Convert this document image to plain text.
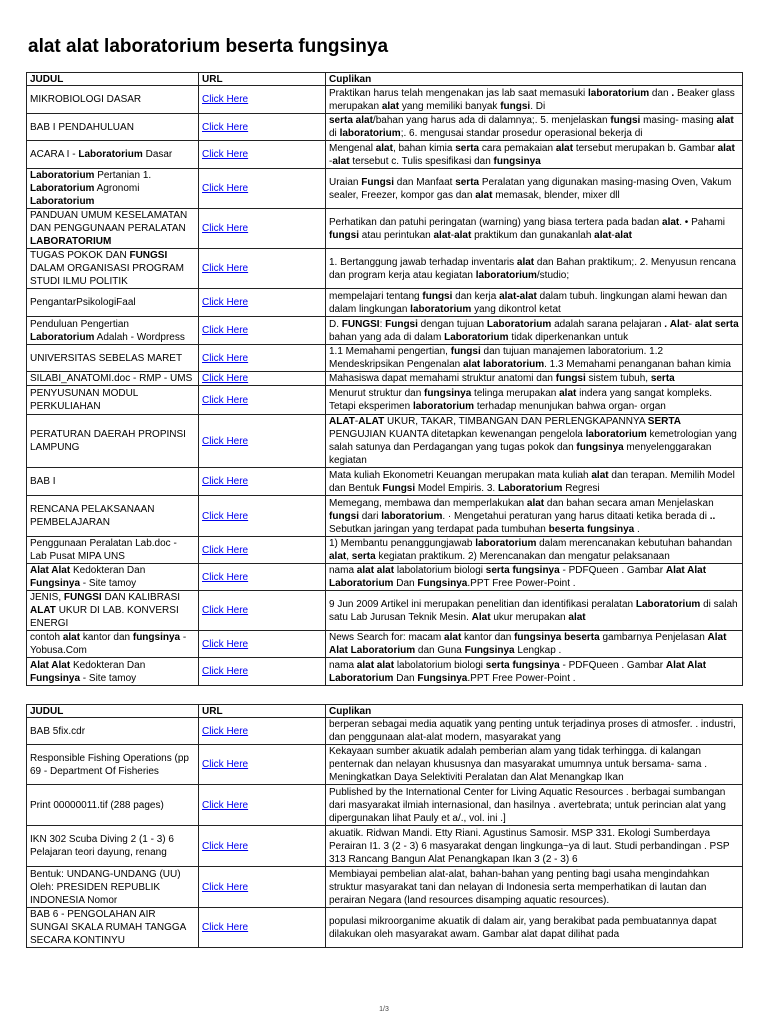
alat alat laboratorium beserta fungsinya
JUDUL	URL	Cuplikan
MIKROBIOLOGI DASAR	Click Here	Praktikan harus telah mengenakan jas lab saat memasuki laboratorium dan . Beaker glass merupakan alat yang memiliki banyak fungsi. Di
BAB I PENDAHULUAN	Click Here	serta alat/bahan yang harus ada di dalamnya;. 5. menjelaskan fungsi masing- masing alat di laboratorium;. 6. mengusai standar prosedur operasional bekerja di
ACARA I - Laboratorium Dasar	Click Here	Mengenal alat, bahan kimia serta cara pemakaian alat tersebut merupakan b. Gambar alat -alat tersebut c. Tulis spesifikasi dan fungsinya
Laboratorium Pertanian 1. Laboratorium Agronomi Laboratorium	Click Here	Uraian Fungsi dan Manfaat serta Peralatan yang digunakan masing-masing Oven, Vakum sealer, Freezer, kompor gas dan alat memasak, blender, mixer dll
PANDUAN UMUM KESELAMATAN DAN PENGGUNAAN PERALATAN LABORATORIUM	Click Here	Perhatikan dan patuhi peringatan (warning) yang biasa tertera pada badan alat. • Pahami fungsi atau perintukan alat-alat praktikum dan gunakanlah alat-alat
TUGAS POKOK DAN FUNGSI DALAM ORGANISASI PROGRAM STUDI ILMU POLITIK	Click Here	1. Bertanggung jawab terhadap inventaris alat dan Bahan praktikum;. 2. Menyusun rencana dan program kerja atau kegiatan laboratorium/studio;
PengantarPsikologiFaal	Click Here	mempelajari tentang fungsi dan kerja alat-alat dalam tubuh. lingkungan alami hewan dan dalam lingkungan laboratorium yang dikontrol ketat
Penduluan Pengertian Laboratorium Adalah - Wordpress	Click Here	D. FUNGSI: Fungsi dengan tujuan Laboratorium adalah sarana pelajaran . Alat- alat serta bahan yang ada di dalam Laboratorium tidak diperkenankan untuk
UNIVERSITAS SEBELAS MARET	Click Here	1.1 Memahami pengertian, fungsi dan tujuan manajemen laboratorium. 1.2 Mendeskripsikan Pengenalan alat laboratorium. 1.3 Memahami penanganan bahan kimia
SILABI_ANATOMI.doc - RMP - UMS	Click Here	Mahasiswa dapat memahami struktur anatomi dan fungsi sistem tubuh, serta
PENYUSUNAN MODUL PERKULIAHAN	Click Here	Menurut struktur dan fungsinya telinga merupakan alat indera yang sangat kompleks. Tetapi eksperimen laboratorium terhadap menunjukan bahwa organ- organ
PERATURAN DAERAH PROPINSI LAMPUNG	Click Here	ALAT-ALAT UKUR, TAKAR, TIMBANGAN DAN PERLENGKAPANNYA SERTA PENGUJIAN KUANTA ditetapkan kewenangan pengelola laboratorium kemetrologian yang salah satunya dan Perdagangan yang tugas pokok dan fungsinya menyelenggarakan kegiatan
BAB I	Click Here	Mata kuliah Ekonometri Keuangan merupakan mata kuliah alat dan terapan. Memilih Model dan Bentuk Fungsi Model Empiris. 3. Laboratorium Regresi
RENCANA PELAKSANAAN PEMBELAJARAN	Click Here	Memegang, membawa dan memperlakukan alat dan bahan secara aman Menjelaskan fungsi dari laboratorium. · Mengetahui peraturan yang harus ditaati ketika berada di .. Sebutkan jaringan yang terdapat pada tumbuhan beserta fungsinya .
Penggunaan Peralatan Lab.doc - Lab Pusat MIPA UNS	Click Here	1) Membantu penanggungjawab laboratorium dalam merencanakan kebutuhan bahandan alat, serta kegiatan praktikum. 2) Merencanakan dan mengatur pelaksanaan
Alat Alat Kedokteran Dan Fungsinya - Site tamoy	Click Here	nama alat alat labolatorium biologi serta fungsinya - PDFQueen . Gambar Alat Alat Laboratorium Dan Fungsinya.PPT Free Power-Point .
JENIS, FUNGSI DAN KALIBRASI ALAT UKUR DI LAB. KONVERSI ENERGI	Click Here	9 Jun 2009 Artikel ini merupakan penelitian dan identifikasi peralatan Laboratorium di salah satu Lab Jurusan Teknik Mesin. Alat ukur merupakan alat
contoh alat kantor dan fungsinya - Yobusa.Com	Click Here	News Search for: macam alat kantor dan fungsinya beserta gambarnya Penjelasan Alat Alat Laboratorium dan Guna Fungsinya Lengkap .
Alat Alat Kedokteran Dan Fungsinya - Site tamoy	Click Here	nama alat alat labolatorium biologi serta fungsinya - PDFQueen . Gambar Alat Alat Laboratorium Dan Fungsinya.PPT Free Power-Point .
JUDUL	URL	Cuplikan
BAB 5fix.cdr	Click Here	berperan sebagai media aquatik yang penting untuk terjadinya proses di atmosfer. . industri, dan penggunaan alat-alat modern, masyarakat yang
Responsible Fishing Operations (pp 69 - Department Of Fisheries	Click Here	Kekayaan sumber akuatik adalah pemberian alam yang tidak terhingga. di kalangan penternak dan nelayan khususnya dan masyarakat umumnya untuk bersama- sama . Meningkatkan Daya Selektiviti Peralatan dan Alat Menangkap Ikan
Print 00000011.tif (288 pages)	Click Here	Published by the International Center for Living Aquatic Resources . berbagai sumbangan dari masyarakat ilmiah internasional, dan hasilnya . avertebrata; untuk perincian alat yang dipergunakan lihat Pauly et a/., vol. ini .]
IKN 302 Scuba Diving 2 (1 - 3) 6 Pelajaran teori dayung, renang	Click Here	akuatik. Ridwan Mandi. Etty Riani. Agustinus Samosir. MSP 331. Ekologi Sumberdaya Perairan I1. 3 (2 - 3) 6 masyarakat dengan lingkunga~ya di laut. Studi perbandingan . PSP 313 Rancang Bangun Alat Penangkapan Ikan 3 (2 - 3) 6
Bentuk: UNDANG-UNDANG (UU) Oleh: PRESIDEN REPUBLIK INDONESIA Nomor	Click Here	Membiayai pembelian alat-alat, bahan-bahan yang penting bagi usaha mengindahkan struktur masyarakat tani dan nelayan di Indonesia serta memperhatikan di lautan dan perairan Negara (land resources disamping aquatic resources).
BAB 6 - PENGOLAHAN AIR SUNGAI SKALA RUMAH TANGGA SECARA KONTINYU	Click Here	populasi mikroorganime akuatik di dalam air, yang berakibat pada pembuatannya dapat dilakukan oleh masyarakat awam. Gambar alat dapat dilihat pada
1/3
